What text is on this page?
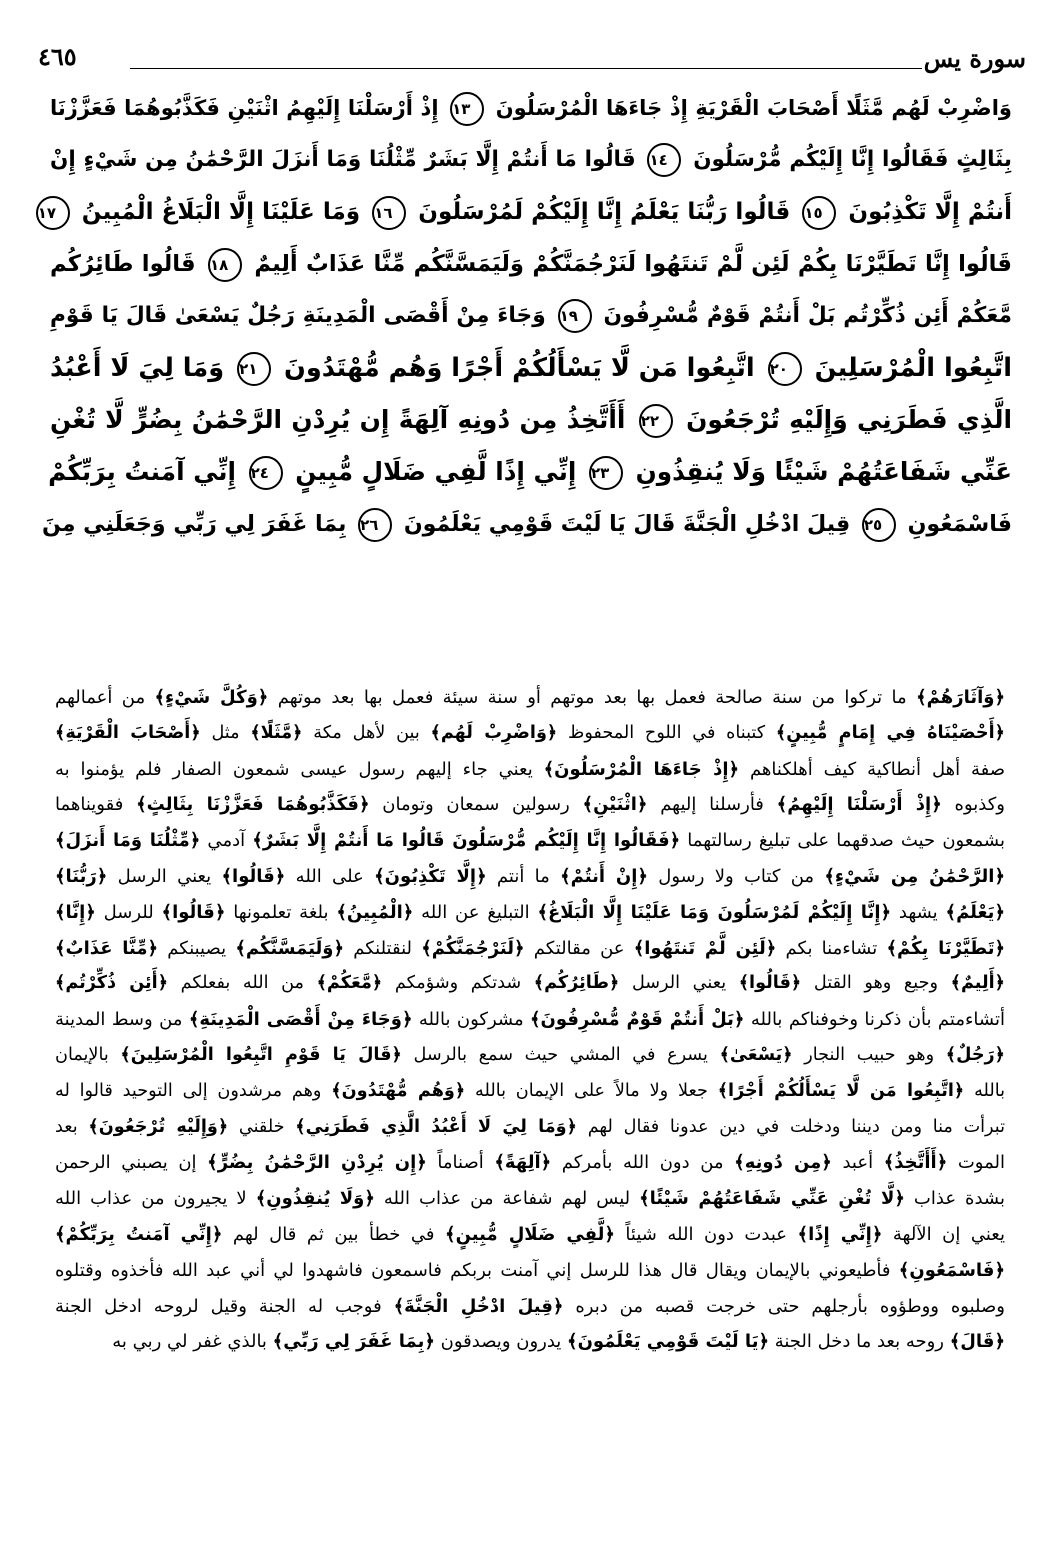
٤٦٥	سورة يس
وَاضْرِبْ لَهُم مَّثَلًا أَصْحَابَ الْقَرْيَةِ إِذْ جَاءَهَا الْمُرْسَلُونَ ١٣ إِذْ أَرْسَلْنَا إِلَيْهِمُ اثْنَيْنِ فَكَذَّبُوهُمَا فَعَزَّزْنَا
بِثَالِثٍ فَقَالُوا إِنَّا إِلَيْكُم مُّرْسَلُونَ ١٤ قَالُوا مَا أَنتُمْ إِلَّا بَشَرٌ مِّثْلُنَا وَمَا أَنزَلَ الرَّحْمَٰنُ مِن شَيْءٍ إِنْ
أَنتُمْ إِلَّا تَكْذِبُونَ ١٥ قَالُوا رَبُّنَا يَعْلَمُ إِنَّا إِلَيْكُمْ لَمُرْسَلُونَ ١٦ وَمَا عَلَيْنَا إِلَّا الْبَلَاغُ الْمُبِينُ ١٧
قَالُوا إِنَّا تَطَيَّرْنَا بِكُمْ لَئِن لَّمْ تَنتَهُوا لَنَرْجُمَنَّكُمْ وَلَيَمَسَّنَّكُم مِّنَّا عَذَابٌ أَلِيمٌ ١٨ قَالُوا طَائِرُكُم
مَّعَكُمْ أَئِن ذُكِّرْتُم بَلْ أَنتُمْ قَوْمٌ مُّسْرِفُونَ ١٩ وَجَاءَ مِنْ أَقْصَى الْمَدِينَةِ رَجُلٌ يَسْعَىٰ قَالَ يَا قَوْمِ
اتَّبِعُوا الْمُرْسَلِينَ ٢٠ اتَّبِعُوا مَن لَّا يَسْأَلُكُمْ أَجْرًا وَهُم مُّهْتَدُونَ ٢١ وَمَا لِيَ لَا أَعْبُدُ
الَّذِي فَطَرَنِي وَإِلَيْهِ تُرْجَعُونَ ٢٢ أَأَتَّخِذُ مِن دُونِهِ آلِهَةً إِن يُرِدْنِ الرَّحْمَٰنُ بِضُرٍّ لَّا تُغْنِ
عَنِّي شَفَاعَتُهُمْ شَيْئًا وَلَا يُنقِذُونِ ٢٣ إِنِّي إِذًا لَّفِي ضَلَالٍ مُّبِينٍ ٢٤ إِنِّي آمَنتُ بِرَبِّكُمْ
فَاسْمَعُونِ ٢٥ قِيلَ ادْخُلِ الْجَنَّةَ قَالَ يَا لَيْتَ قَوْمِي يَعْلَمُونَ ٢٦ بِمَا غَفَرَ لِي رَبِّي وَجَعَلَنِي مِنَ
﴿وَآثَارَهُمْ﴾ ما تركوا من سنة صالحة فعمل بها بعد موتهم أو سنة سيئة فعمل بها بعد موتهم ﴿وَكُلَّ شَيْءٍ﴾ من أعمالهم
﴿أَحْصَيْنَاهُ فِي إِمَامٍ مُّبِينٍ﴾ كتبناه في اللوح المحفوظ ﴿وَاضْرِبْ لَهُم﴾ بين لأهل مكة ﴿مَّثَلًا﴾ مثل ﴿أَصْحَابَ الْقَرْيَةِ﴾
صفة أهل أنطاكية كيف أهلكناهم ﴿إِذْ جَاءَهَا الْمُرْسَلُونَ﴾ يعني جاء إليهم رسول عيسى شمعون الصفار فلم يؤمنوا به
وكذبوه ﴿إِذْ أَرْسَلْنَا إِلَيْهِمُ﴾ فأرسلنا إليهم ﴿اثْنَيْنِ﴾ رسولين سمعان وتومان ﴿فَكَذَّبُوهُمَا فَعَزَّزْنَا بِثَالِثٍ﴾ فقويناهما
بشمعون حيث صدقهما على تبليغ رسالتهما ﴿فَقَالُوا إِنَّا إِلَيْكُم مُّرْسَلُونَ قَالُوا مَا أَنتُمْ إِلَّا بَشَرٌ﴾ آدمي ﴿مِّثْلُنَا وَمَا أَنزَلَ﴾
﴿الرَّحْمَٰنُ مِن شَيْءٍ﴾ من كتاب ولا رسول ﴿إِنْ أَنتُمْ﴾ ما أنتم ﴿إِلَّا تَكْذِبُونَ﴾ على الله ﴿قَالُوا﴾ يعني الرسل ﴿رَبُّنَا﴾
﴿يَعْلَمُ﴾ يشهد ﴿إِنَّا إِلَيْكُمْ لَمُرْسَلُونَ وَمَا عَلَيْنَا إِلَّا الْبَلَاغُ﴾ التبليغ عن الله ﴿الْمُبِينُ﴾ بلغة تعلمونها ﴿قَالُوا﴾ للرسل ﴿إِنَّا﴾
﴿تَطَيَّرْنَا بِكُمْ﴾ تشاءمنا بكم ﴿لَئِن لَّمْ تَنتَهُوا﴾ عن مقالتكم ﴿لَنَرْجُمَنَّكُمْ﴾ لنقتلنكم ﴿وَلَيَمَسَّنَّكُم﴾ يصيبنكم ﴿مِّنَّا عَذَابٌ﴾
﴿أَلِيمٌ﴾ وجيع وهو القتل ﴿قَالُوا﴾ يعني الرسل ﴿طَائِرُكُم﴾ شدتكم وشؤمكم ﴿مَّعَكُمْ﴾ من الله بفعلكم ﴿أَئِن ذُكِّرْتُم﴾
أتشاءمتم بأن ذكرنا وخوفناكم بالله ﴿بَلْ أَنتُمْ قَوْمٌ مُّسْرِفُونَ﴾ مشركون بالله ﴿وَجَاءَ مِنْ أَقْصَى الْمَدِينَةِ﴾ من وسط المدينة
﴿رَجُلٌ﴾ وهو حبيب النجار ﴿يَسْعَىٰ﴾ يسرع في المشي حيث سمع بالرسل ﴿قَالَ يَا قَوْمِ اتَّبِعُوا الْمُرْسَلِينَ﴾ بالإيمان
بالله ﴿اتَّبِعُوا مَن لَّا يَسْأَلُكُمْ أَجْرًا﴾ جعلا ولا مالاً على الإيمان بالله ﴿وَهُم مُّهْتَدُونَ﴾ وهم مرشدون إلى التوحيد قالوا له
تبرأت منا ومن ديننا ودخلت في دين عدونا فقال لهم ﴿وَمَا لِيَ لَا أَعْبُدُ الَّذِي فَطَرَنِي﴾ خلقني ﴿وَإِلَيْهِ تُرْجَعُونَ﴾ بعد
الموت ﴿أَأَتَّخِذُ﴾ أعبد ﴿مِن دُونِهِ﴾ من دون الله بأمركم ﴿آلِهَةً﴾ أصناماً ﴿إِن يُرِدْنِ الرَّحْمَٰنُ بِضُرٍّ﴾ إن يصبني الرحمن
بشدة عذاب ﴿لَّا تُغْنِ عَنِّي شَفَاعَتُهُمْ شَيْئًا﴾ ليس لهم شفاعة من عذاب الله ﴿وَلَا يُنقِذُونِ﴾ لا يجيرون من عذاب الله
يعني إن الآلهة ﴿إِنِّي إِذًا﴾ عبدت دون الله شيئاً ﴿لَّفِي ضَلَالٍ مُّبِينٍ﴾ في خطأ بين ثم قال لهم ﴿إِنِّي آمَنتُ بِرَبِّكُمْ﴾
﴿فَاسْمَعُونِ﴾ فأطيعوني بالإيمان ويقال قال هذا للرسل إني آمنت بربكم فاسمعون فاشهدوا لي أني عبد الله فأخذوه وقتلوه
وصلبوه ووطؤوه بأرجلهم حتى خرجت قصبه من دبره ﴿قِيلَ ادْخُلِ الْجَنَّةَ﴾ فوجب له الجنة وقيل لروحه ادخل الجنة
﴿قَالَ﴾ روحه بعد ما دخل الجنة ﴿يَا لَيْتَ قَوْمِي يَعْلَمُونَ﴾ يدرون ويصدقون ﴿بِمَا غَفَرَ لِي رَبِّي﴾ بالذي غفر لي ربي به
